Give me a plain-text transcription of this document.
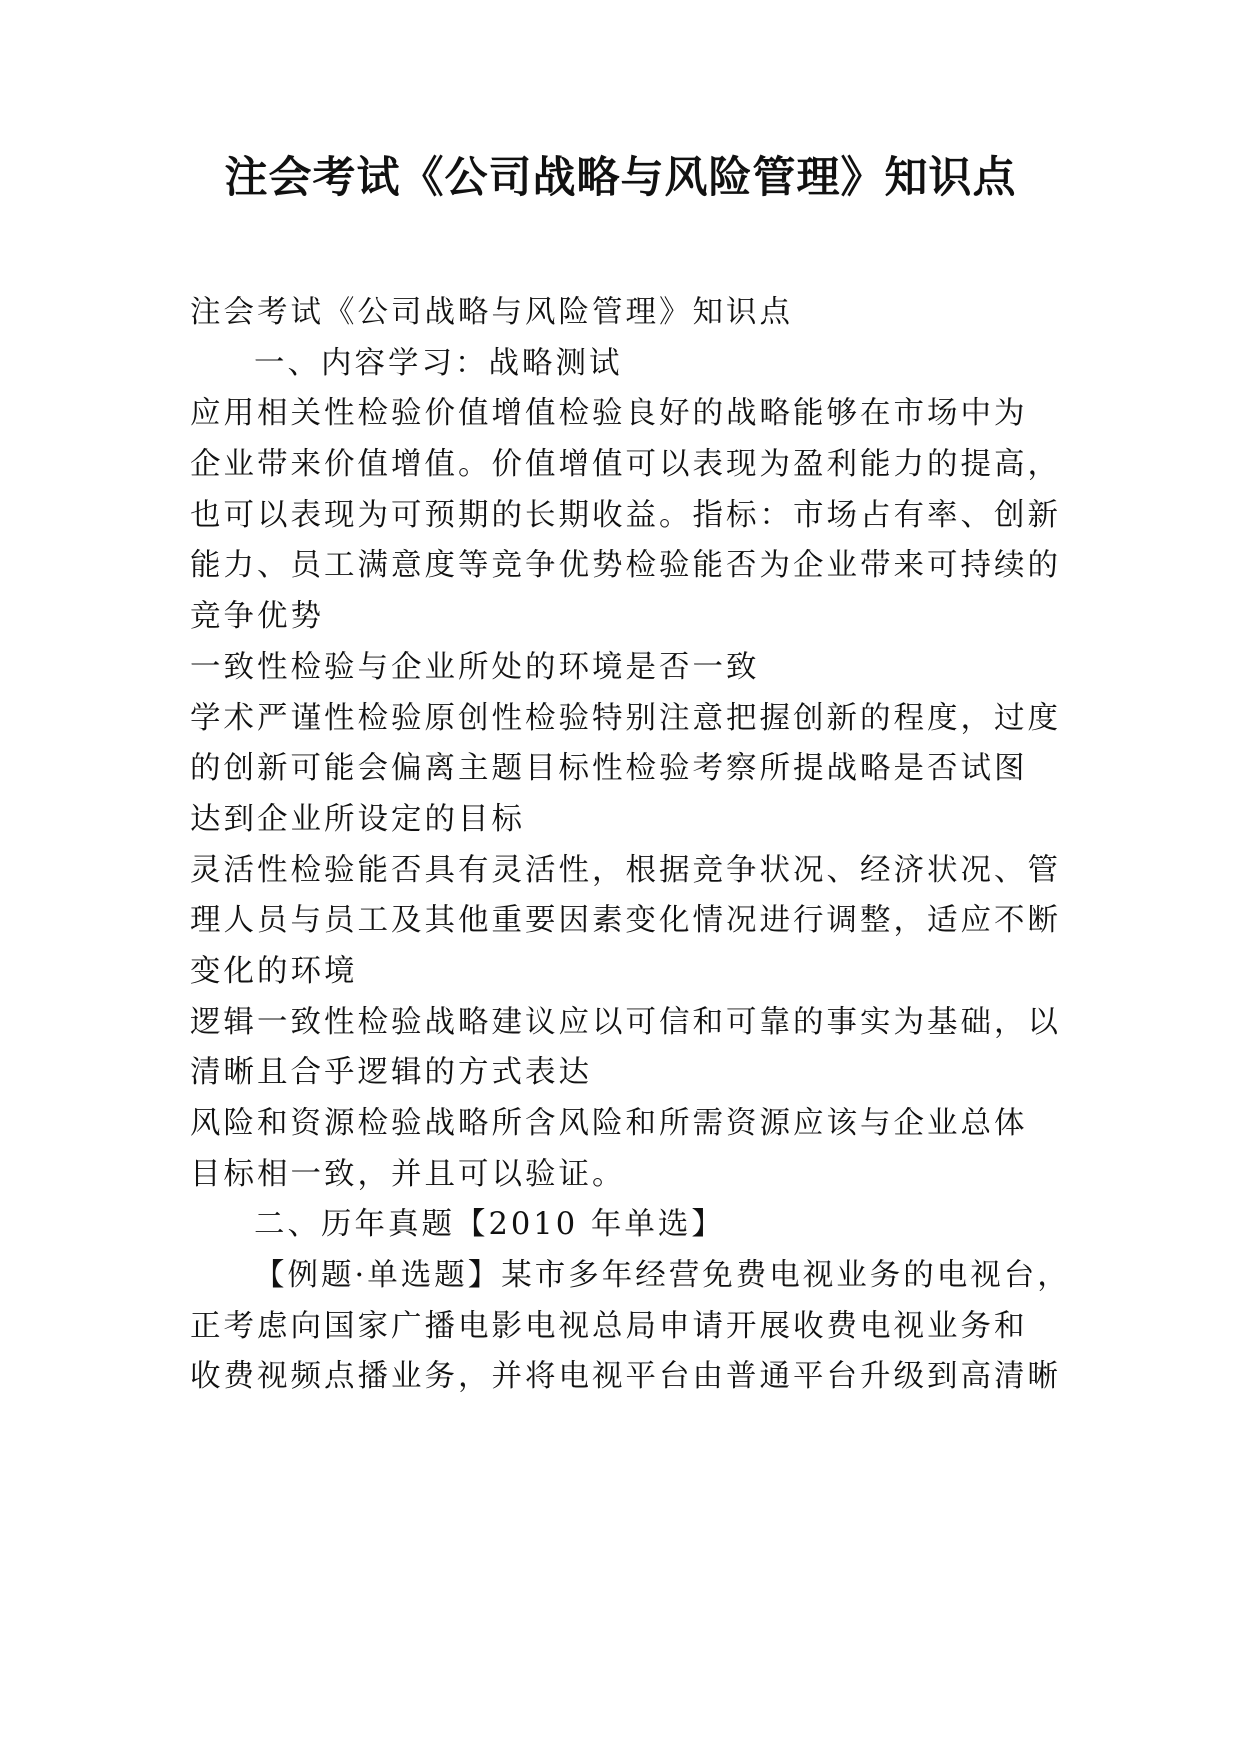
注会考试《公司战略与风险管理》知识点

注会考试《公司战略与风险管理》知识点

一、内容学习：战略测试

应用相关性检验价值增值检验良好的战略能够在市场中为

企业带来价值增值。价值增值可以表现为盈利能力的提高，

也可以表现为可预期的长期收益。指标：市场占有率、创新

能力、员工满意度等竞争优势检验能否为企业带来可持续的

竞争优势

一致性检验与企业所处的环境是否一致

学术严谨性检验原创性检验特别注意把握创新的程度，过度

的创新可能会偏离主题目标性检验考察所提战略是否试图

达到企业所设定的目标

灵活性检验能否具有灵活性，根据竞争状况、经济状况、管

理人员与员工及其他重要因素变化情况进行调整，适应不断

变化的环境

逻辑一致性检验战略建议应以可信和可靠的事实为基础，以

清晰且合乎逻辑的方式表达

风险和资源检验战略所含风险和所需资源应该与企业总体

目标相一致，并且可以验证。

二、历年真题【2010 年单选】

【例题·单选题】某市多年经营免费电视业务的电视台，

正考虑向国家广播电影电视总局申请开展收费电视业务和

收费视频点播业务，并将电视平台由普通平台升级到高清晰
